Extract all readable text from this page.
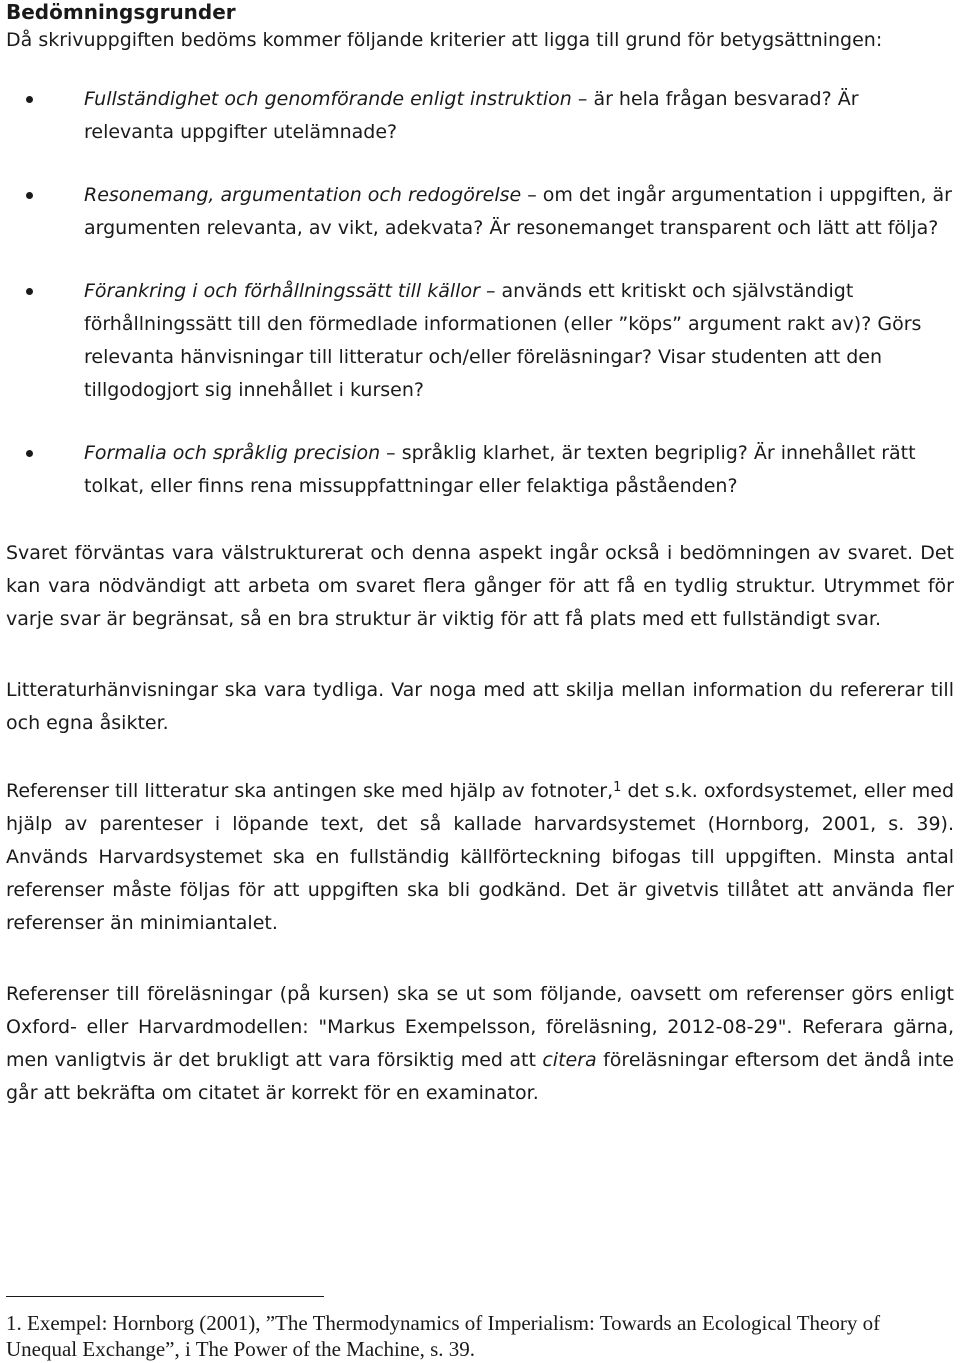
Bedömningsgrunder

Då skrivuppgiften bedöms kommer följande kriterier att ligga till grund för betygsättningen:

Fullständighet och genomförande enligt instruktion – är hela frågan besvarad? Är relevanta uppgifter utelämnade?
Resonemang, argumentation och redogörelse – om det ingår argumentation i uppgiften, är argumenten relevanta, av vikt, adekvata? Är resonemanget transparent och lätt att följa?
Förankring i och förhållningssätt till källor – används ett kritiskt och självständigt förhållningssätt till den förmedlade informationen (eller ”köps” argument rakt av)? Görs relevanta hänvisningar till litteratur och/eller föreläsningar? Visar studenten att den tillgodogjort sig innehållet i kursen?
Formalia och språklig precision – språklig klarhet, är texten begriplig? Är innehållet rätt tolkat, eller finns rena missuppfattningar eller felaktiga påståenden?

Svaret förväntas vara välstrukturerat och denna aspekt ingår också i bedömningen av svaret. Det kan vara nödvändigt att arbeta om svaret flera gånger för att få en tydlig struktur. Utrymmet för varje svar är begränsat, så en bra struktur är viktig för att få plats med ett fullständigt svar.

Litteraturhänvisningar ska vara tydliga. Var noga med att skilja mellan information du refererar till och egna åsikter.

Referenser till litteratur ska antingen ske med hjälp av fotnoter,$^1$ det s.k. oxfordsystemet, eller med hjälp av parenteser i löpande text, det så kallade harvardsystemet (Hornborg, 2001, s. 39). Används Harvardsystemet ska en fullständig källförteckning bifogas till uppgiften. Minsta antal referenser måste följas för att uppgiften ska bli godkänd. Det är givetvis tillåtet att använda fler referenser än minimiantalet.

Referenser till föreläsningar (på kursen) ska se ut som följande, oavsett om referenser görs enligt Oxford- eller Harvardmodellen: "Markus Exempelsson, föreläsning, 2012-08-29". Referara gärna, men vanligtvis är det brukligt att vara försiktig med att citera föreläsningar eftersom det ändå inte går att bekräfta om citatet är korrekt för en examinator.

1. Exempel: Hornborg (2001), ”The Thermodynamics of Imperialism: Towards an Ecological Theory of Unequal Exchange”, i The Power of the Machine, s. 39.
